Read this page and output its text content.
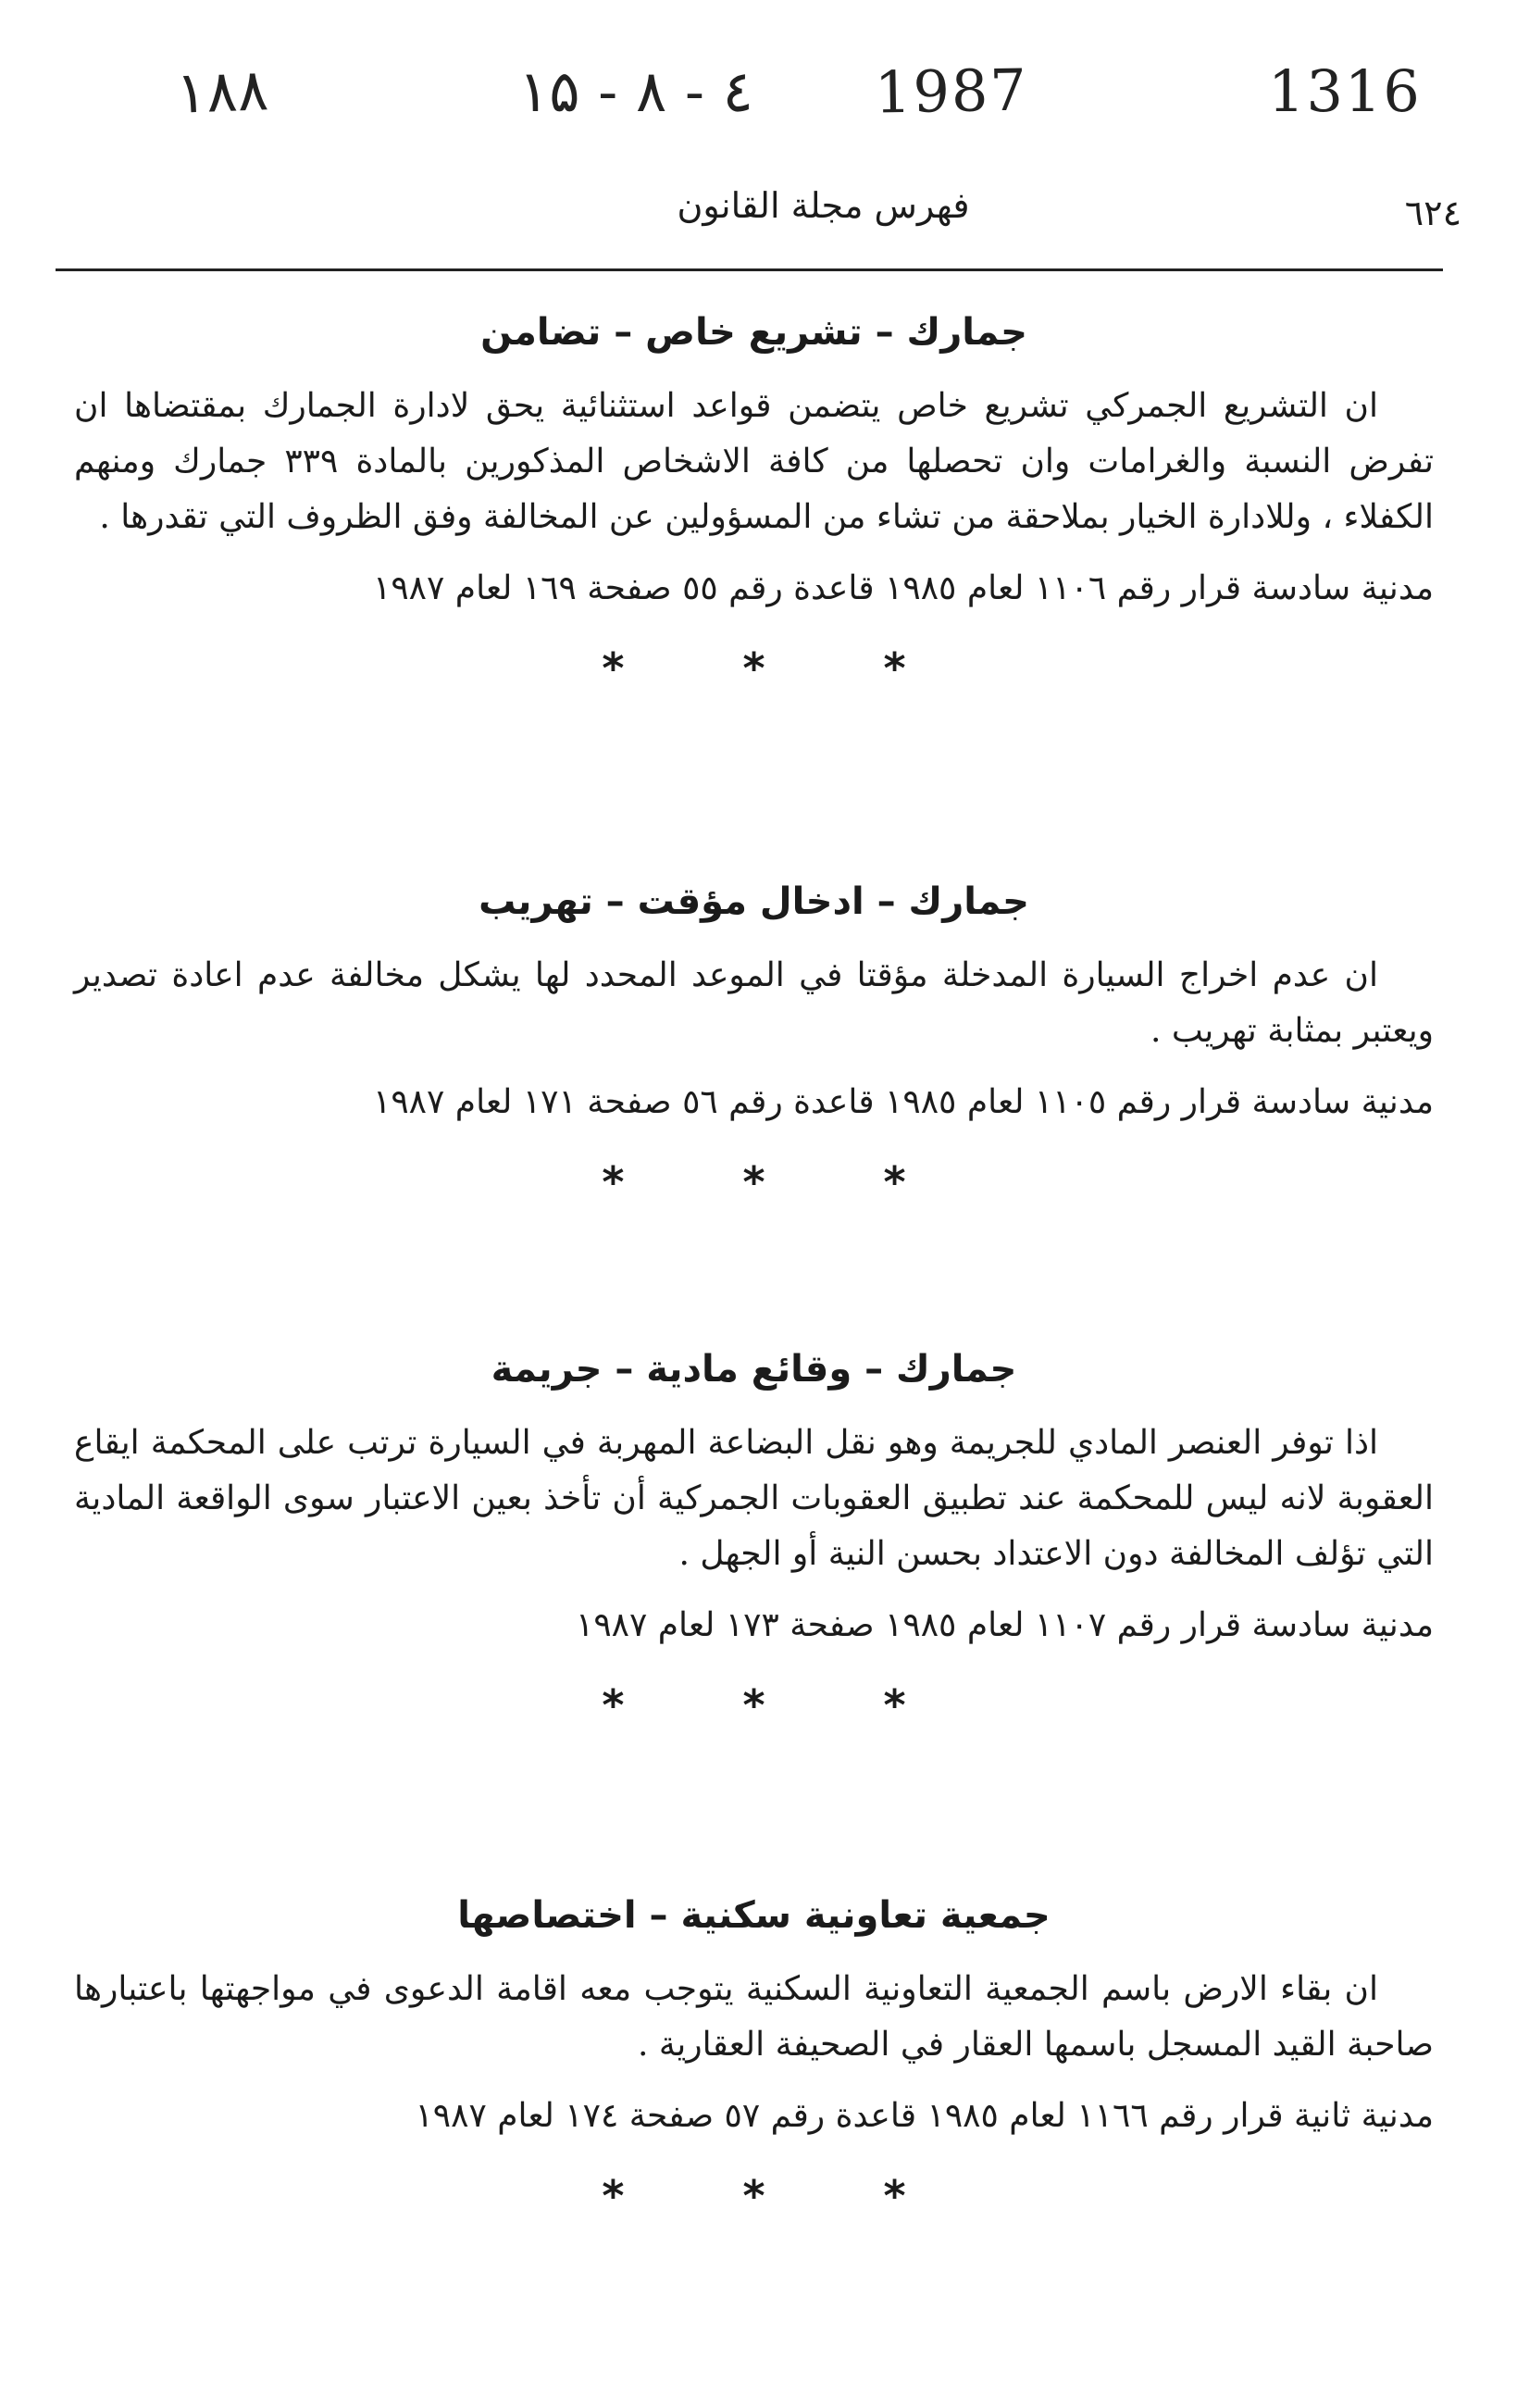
۱۸۸	۱۵ - ۸ - ٤ 1987	1316
٦٢٤
فهرس مجلة القانون
جمارك – تشريع خاص – تضامن

ان التشريع الجمركي تشريع خاص يتضمن قواعد استثنائية يحق لادارة الجمارك بمقتضاها ان تفرض النسبة والغرامات وان تحصلها من كافة الاشخاص المذكورين بالمادة ٣٣٩ جمارك ومنهم الكفلاء ، وللادارة الخيار بملاحقة من تشاء من المسؤولين عن المخالفة وفق الظروف التي تقدرها .

مدنية سادسة قرار رقم ١١٠٦ لعام ١٩٨٥ قاعدة رقم ٥٥ صفحة ١٦٩ لعام ١٩٨٧

* * *
جمارك – ادخال مؤقت – تهريب

ان عدم اخراج السيارة المدخلة مؤقتا في الموعد المحدد لها يشكل مخالفة عدم اعادة تصدير ويعتبر بمثابة تهريب .

مدنية سادسة قرار رقم ١١٠٥ لعام ١٩٨٥ قاعدة رقم ٥٦ صفحة ١٧١ لعام ١٩٨٧

* * *
جمارك – وقائع مادية – جريمة

اذا توفر العنصر المادي للجريمة وهو نقل البضاعة المهربة في السيارة ترتب على المحكمة ايقاع العقوبة لانه ليس للمحكمة عند تطبيق العقوبات الجمركية أن تأخذ بعين الاعتبار سوى الواقعة المادية التي تؤلف المخالفة دون الاعتداد بحسن النية أو الجهل .

مدنية سادسة قرار رقم ١١٠٧ لعام ١٩٨٥ صفحة ١٧٣ لعام ١٩٨٧

* * *
جمعية تعاونية سكنية – اختصاصها

ان بقاء الارض باسم الجمعية التعاونية السكنية يتوجب معه اقامة الدعوى في مواجهتها باعتبارها صاحبة القيد المسجل باسمها العقار في الصحيفة العقارية .

مدنية ثانية قرار رقم ١١٦٦ لعام ١٩٨٥ قاعدة رقم ٥٧ صفحة ١٧٤ لعام ١٩٨٧

* * *
